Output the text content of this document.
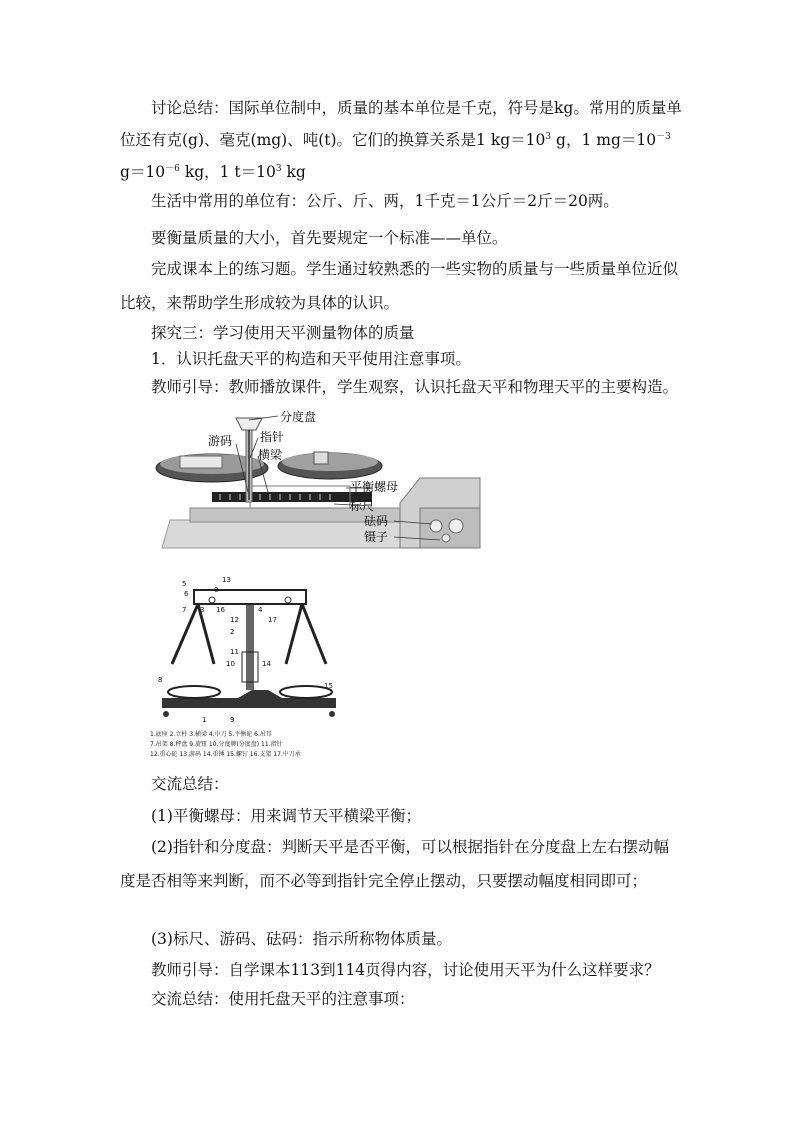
讨论总结：国际单位制中，质量的基本单位是千克，符号是kg。常用的质量单位还有克(g)、毫克(mg)、吨(t)。它们的换算关系是1 $kg=10^3$ g，1 $mg=10^{-3}$ $g=10^{-6}$ kg，1 $t=10^3$ kg

生活中常用的单位有：公斤、斤、两，1千克＝1公斤＝2斤＝20两。

要衡量质量的大小，首先要规定一个标准——单位。

完成课本上的练习题。学生通过较熟悉的一些实物的质量与一些质量单位近似比较，来帮助学生形成较为具体的认识。

探究三：学习使用天平测量物体的质量

1．认识托盘天平的构造和天平使用注意事项。

教师引导：教师播放课件，学生观察，认识托盘天平和物理天平的主要构造。

分度盘
游码 指针
横梁
平衡螺母
标尺
砝码
镊子
13
5
6
3 16
7	4
17
12
2
11
10	14
8
15
1	9
0
1.底座 2.立柱 3.横梁 4.中刀 5.平衡砣 6.吊耳
7.吊架 8.秤盘 9.旋钮 10.分度牌(分度盘) 11.指针
12.重心砣 13.游码 14.重锤 15.螺钉 16.支架 17.中刀承

交流总结：

(1)平衡螺母：用来调节天平横梁平衡；

(2)指针和分度盘：判断天平是否平衡，可以根据指针在分度盘上左右摆动幅度是否相等来判断，而不必等到指针完全停止摆动，只要摆动幅度相同即可；

(3)标尺、游码、砝码：指示所称物体质量。

教师引导：自学课本113到114页得内容，讨论使用天平为什么这样要求？

交流总结：使用托盘天平的注意事项：
